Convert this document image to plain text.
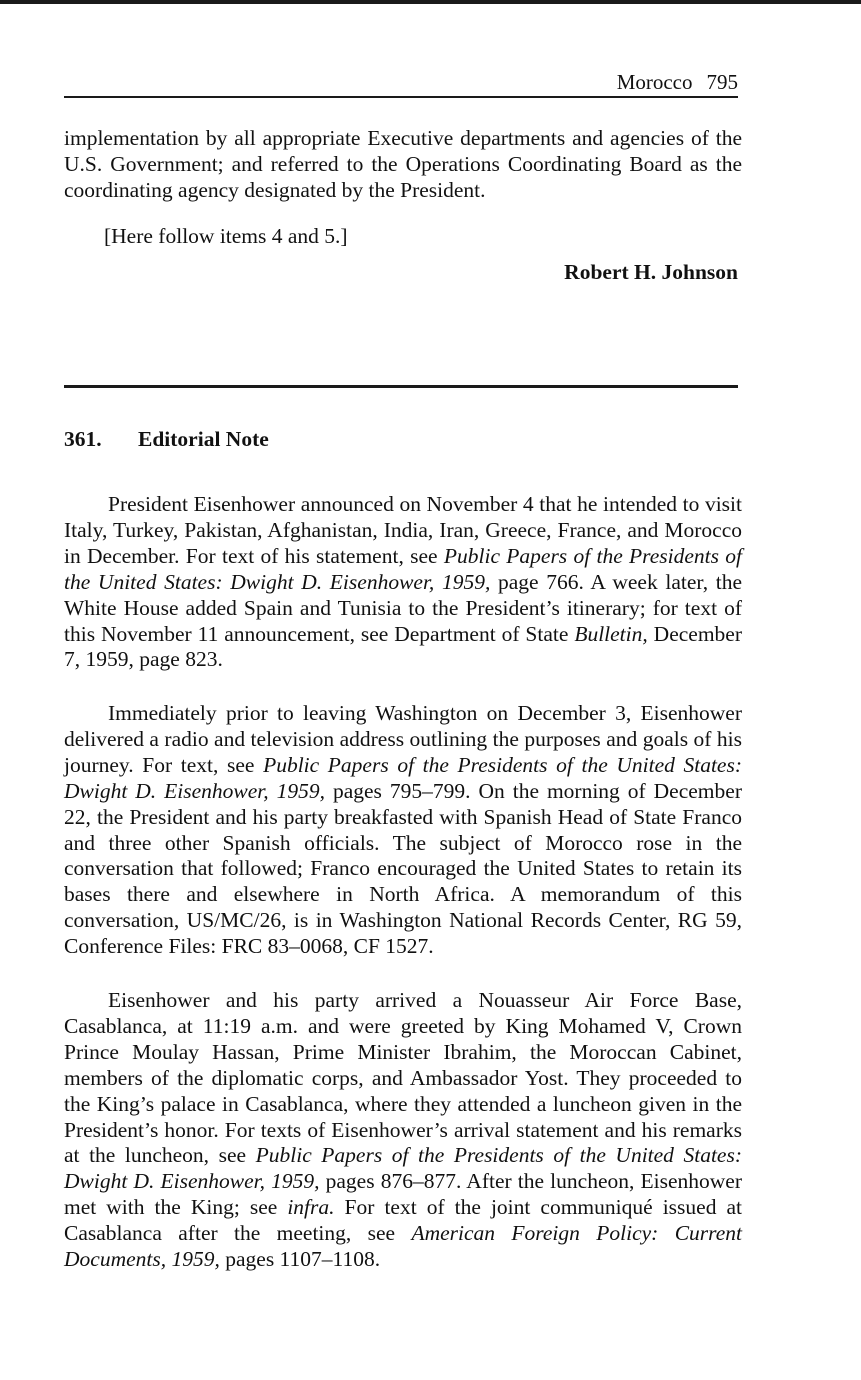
Morocco 795

implementation by all appropriate Executive departments and agencies of the U.S. Government; and referred to the Operations Coordinating Board as the coordinating agency designated by the President.

[Here follow items 4 and 5.]

Robert H. Johnson

361. Editorial Note

President Eisenhower announced on November 4 that he intended to visit Italy, Turkey, Pakistan, Afghanistan, India, Iran, Greece, France, and Morocco in December. For text of his statement, see Public Papers of the Presidents of the United States: Dwight D. Eisenhower, 1959, page 766. A week later, the White House added Spain and Tunisia to the President’s itinerary; for text of this November 11 announcement, see Department of State Bulletin, December 7, 1959, page 823.

Immediately prior to leaving Washington on December 3, Eisenhower delivered a radio and television address outlining the purposes and goals of his journey. For text, see Public Papers of the Presidents of the United States: Dwight D. Eisenhower, 1959, pages 795–799. On the morning of December 22, the President and his party breakfasted with Spanish Head of State Franco and three other Spanish officials. The subject of Morocco rose in the conversation that followed; Franco encouraged the United States to retain its bases there and elsewhere in North Africa. A memorandum of this conversation, US/MC/26, is in Washington National Records Center, RG 59, Conference Files: FRC 83–0068, CF 1527.

Eisenhower and his party arrived a Nouasseur Air Force Base, Casablanca, at 11:19 a.m. and were greeted by King Mohamed V, Crown Prince Moulay Hassan, Prime Minister Ibrahim, the Moroccan Cabinet, members of the diplomatic corps, and Ambassador Yost. They proceeded to the King’s palace in Casablanca, where they attended a luncheon given in the President’s honor. For texts of Eisenhower’s arrival statement and his remarks at the luncheon, see Public Papers of the Presidents of the United States: Dwight D. Eisenhower, 1959, pages 876–877. After the luncheon, Eisenhower met with the King; see infra. For text of the joint communiqué issued at Casablanca after the meeting, see American Foreign Policy: Current Documents, 1959, pages 1107–1108.
